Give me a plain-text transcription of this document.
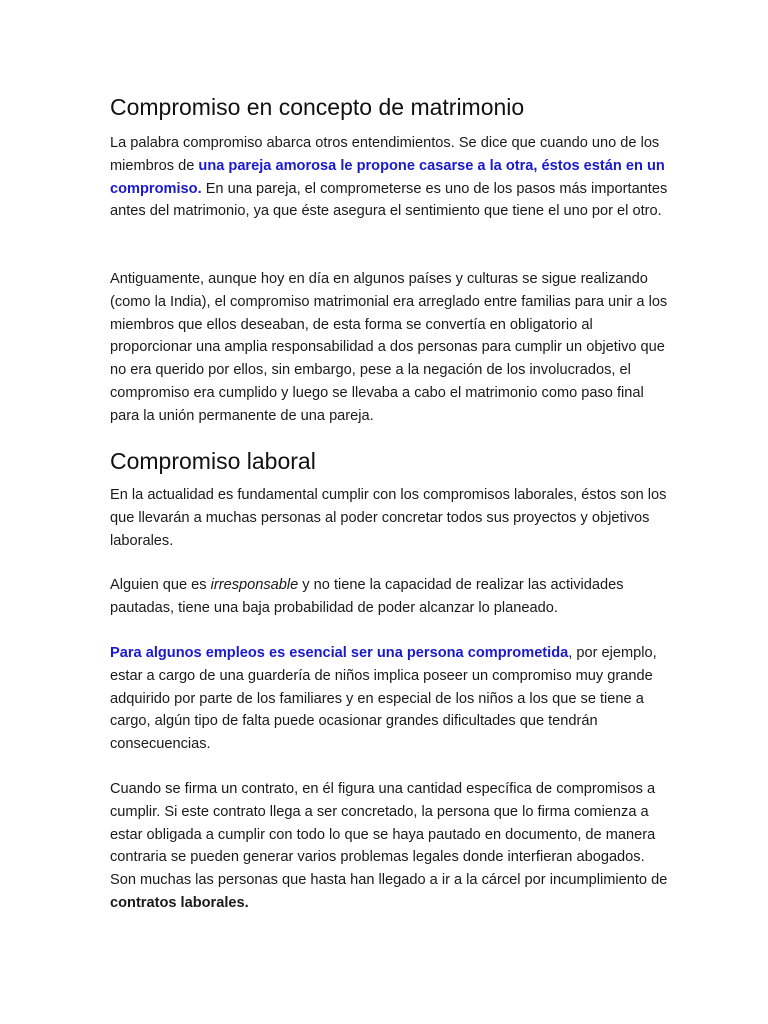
Compromiso en concepto de matrimonio

La palabra compromiso abarca otros entendimientos. Se dice que cuando uno de los miembros de una pareja amorosa le propone casarse a la otra, éstos están en un compromiso. En una pareja, el comprometerse es uno de los pasos más importantes antes del matrimonio, ya que éste asegura el sentimiento que tiene el uno por el otro.

Antiguamente, aunque hoy en día en algunos países y culturas se sigue realizando (como la India), el compromiso matrimonial era arreglado entre familias para unir a los miembros que ellos deseaban, de esta forma se convertía en obligatorio al proporcionar una amplia responsabilidad a dos personas para cumplir un objetivo que no era querido por ellos, sin embargo, pese a la negación de los involucrados, el compromiso era cumplido y luego se llevaba a cabo el matrimonio como paso final para la unión permanente de una pareja.

Compromiso laboral

En la actualidad es fundamental cumplir con los compromisos laborales, éstos son los que llevarán a muchas personas al poder concretar todos sus proyectos y objetivos laborales.

Alguien que es irresponsable y no tiene la capacidad de realizar las actividades pautadas, tiene una baja probabilidad de poder alcanzar lo planeado.

Para algunos empleos es esencial ser una persona comprometida, por ejemplo, estar a cargo de una guardería de niños implica poseer un compromiso muy grande adquirido por parte de los familiares y en especial de los niños a los que se tiene a cargo, algún tipo de falta puede ocasionar grandes dificultades que tendrán consecuencias.

Cuando se firma un contrato, en él figura una cantidad específica de compromisos a cumplir. Si este contrato llega a ser concretado, la persona que lo firma comienza a estar obligada a cumplir con todo lo que se haya pautado en documento, de manera contraria se pueden generar varios problemas legales donde interfieran abogados. Son muchas las personas que hasta han llegado a ir a la cárcel por incumplimiento de contratos laborales.
